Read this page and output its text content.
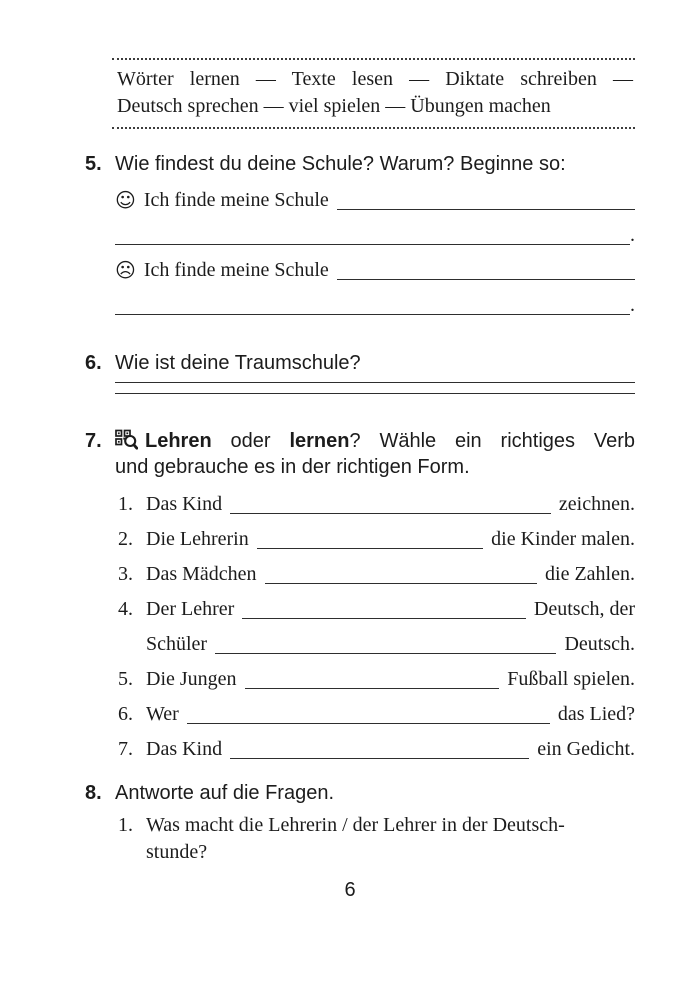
Wörter lernen — Texte lesen — Diktate schreiben —
Deutsch sprechen — viel spielen — Übungen machen
5. Wie findest du deine Schule? Warum? Beginne so:
☺ Ich finde meine Schule
.
☹ Ich finde meine Schule
.
6. Wie ist deine Traumschule?
7.	Lehren oder lernen? Wähle ein richtiges Verb
und gebrauche es in der richtigen Form.
1. Das Kind	zeichnen.
2. Die Lehrerin	die Kinder malen.
3. Das Mädchen	die Zahlen.
4. Der Lehrer	Deutsch, der
Schüler	Deutsch.
5. Die Jungen	Fußball spielen.
6. Wer	das Lied?
7. Das Kind	ein Gedicht.
8. Antworte auf die Fragen.
1. Was macht die Lehrerin / der Lehrer in der Deutsch-
stunde?
6
